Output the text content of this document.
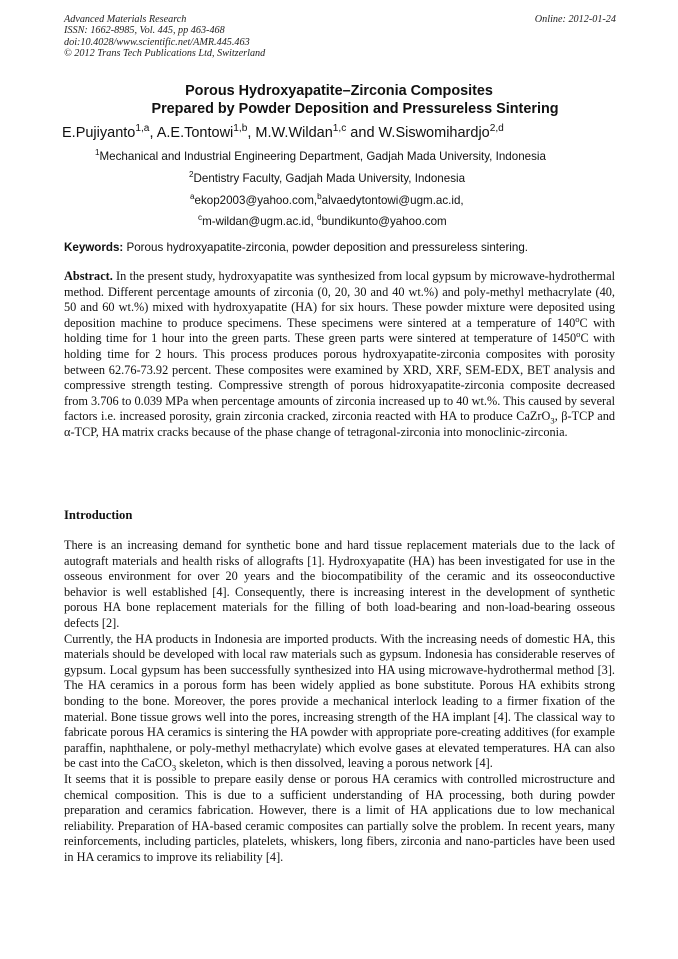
Advanced Materials Research
ISSN: 1662-8985, Vol. 445, pp 463-468
doi:10.4028/www.scientific.net/AMR.445.463
© 2012 Trans Tech Publications Ltd, Switzerland
Online: 2012-01-24
Porous Hydroxyapatite–Zirconia Composites
Prepared by Powder Deposition and Pressureless Sintering
E.Pujiyanto$^{1,a}$, A.E.Tontowi$^{1,b}$, M.W.Wildan$^{1,c}$ and W.Siswomihardjo$^{2,d}$
$^1$Mechanical and Industrial Engineering Department, Gadjah Mada University, Indonesia
$^2$Dentistry Faculty, Gadjah Mada University, Indonesia
$^a$ekop2003@yahoo.com,$^b$alvaedytontowi@ugm.ac.id,
$^c$m-wildan@ugm.ac.id, $^d$bundikunto@yahoo.com
Keywords: Porous hydroxyapatite-zirconia, powder deposition and pressureless sintering.

Abstract. In the present study, hydroxyapatite was synthesized from local gypsum by microwave-hydrothermal method. Different percentage amounts of zirconia (0, 20, 30 and 40 wt.%) and poly-methyl methacrylate (40, 50 and 60 wt.%) mixed with hydroxyapatite (HA) for six hours. These powder mixture were deposited using deposition machine to produce specimens. These specimens were sintered at a temperature of 140$^o$C with holding time for 1 hour into the green parts. These green parts were sintered at temperature of 1450$^o$C with holding time for 2 hours. This process produces porous hydroxyapatite-zirconia composites with porosity between 62.76-73.92 percent. These composites were examined by XRD, XRF, SEM-EDX, BET analysis and compressive strength testing. Compressive strength of porous hidroxyapatite-zirconia composite decreased from 3.706 to 0.039 MPa when percentage amounts of zirconia increased up to 40 wt.%. This caused by several factors i.e. increased porosity, grain zirconia cracked, zirconia reacted with HA to produce CaZrO$_3$, β-TCP and α-TCP, HA matrix cracks because of the phase change of tetragonal-zirconia into monoclinic-zirconia.

Introduction

There is an increasing demand for synthetic bone and hard tissue replacement materials due to the lack of autograft materials and health risks of allografts [1]. Hydroxyapatite (HA) has been investigated for use in the osseous environment for over 20 years and the biocompatibility of the ceramic and its osseoconductive behavior is well established [4]. Consequently, there is increasing interest in the development of synthetic porous HA bone replacement materials for the filling of both load-bearing and non-load-bearing osseous defects [2].

Currently, the HA products in Indonesia are imported products. With the increasing needs of domestic HA, this materials should be developed with local raw materials such as gypsum. Indonesia has considerable reserves of gypsum. Local gypsum has been successfully synthesized into HA using microwave-hydrothermal method [3]. The HA ceramics in a porous form has been widely applied as bone substitute. Porous HA exhibits strong bonding to the bone. Moreover, the pores provide a mechanical interlock leading to a firmer fixation of the material. Bone tissue grows well into the pores, increasing strength of the HA implant [4]. The classical way to fabricate porous HA ceramics is sintering the HA powder with appropriate pore-creating additives (for example paraffin, naphthalene, or poly-methyl methacrylate) which evolve gases at elevated temperatures. HA can also be cast into the CaCO$_3$ skeleton, which is then dissolved, leaving a porous network [4].

It seems that it is possible to prepare easily dense or porous HA ceramics with controlled microstructure and chemical composition. This is due to a sufficient understanding of HA processing, both during powder preparation and ceramics fabrication. However, there is a limit of HA applications due to low mechanical reliability. Preparation of HA-based ceramic composites can partially solve the problem. In recent years, many reinforcements, including particles, platelets, whiskers, long fibers, zirconia and nano-particles have been used in HA ceramics to improve its reliability [4].
